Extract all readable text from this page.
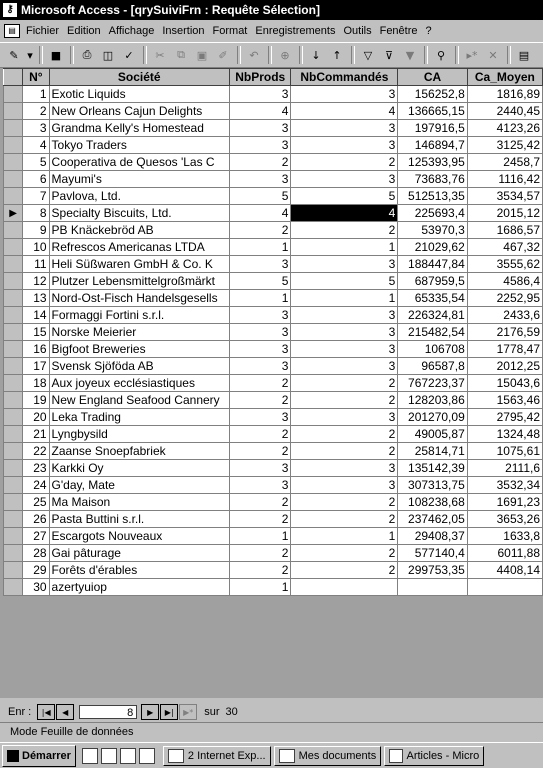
⚷ Microsoft Access - [qrySuiviFrn : Requête Sélection]
▤ Fichier Edition Affichage Insertion Format Enregistrements Outils Fenêtre ?
✎ ▾	■	⎙	◫	✓	✂	⧉	▣	✐	↶	⊕	↓	↑	▽	⊽	▼	⚲	▸* ✕	▤
	N°	Société	NbProds	NbCommandés	CA	Ca_Moyen
	1	Exotic Liquids	3	3	156252,8	1816,89
	2	New Orleans Cajun Delights	4	4	136665,15	2440,45
	3	Grandma Kelly's Homestead	3	3	197916,5	4123,26
	4	Tokyo Traders	3	3	146894,7	3125,42
	5	Cooperativa de Quesos 'Las C	2	2	125393,95	2458,7
	6	Mayumi's	3	3	73683,76	1116,42
	7	Pavlova, Ltd.	5	5	512513,35	3534,57
▶	8	Specialty Biscuits, Ltd.	4	4	225693,4	2015,12
	9	PB Knäckebröd AB	2	2	53970,3	1686,57
	10	Refrescos Americanas LTDA	1	1	21029,62	467,32
	11	Heli Süßwaren GmbH & Co. K	3	3	188447,84	3555,62
	12	Plutzer Lebensmittelgroßmärkt	5	5	687959,5	4586,4
	13	Nord-Ost-Fisch Handelsgesells	1	1	65335,54	2252,95
	14	Formaggi Fortini s.r.l.	3	3	226324,81	2433,6
	15	Norske Meierier	3	3	215482,54	2176,59
	16	Bigfoot Breweries	3	3	106708	1778,47
	17	Svensk Sjöföda AB	3	3	96587,8	2012,25
	18	Aux joyeux ecclésiastiques	2	2	767223,37	15043,6
	19	New England Seafood Cannery	2	2	128203,86	1563,46
	20	Leka Trading	3	3	201270,09	2795,42
	21	Lyngbysild	2	2	49005,87	1324,48
	22	Zaanse Snoepfabriek	2	2	25814,71	1075,61
	23	Karkki Oy	3	3	135142,39	2111,6
	24	G'day, Mate	3	3	307313,75	3532,34
	25	Ma Maison	2	2	108238,68	1691,23
	26	Pasta Buttini s.r.l.	2	2	237462,05	3653,26
	27	Escargots Nouveaux	1	1	29408,37	1633,8
	28	Gai pâturage	2	2	577140,4	6011,88
	29	Forêts d'érables	2	2	299753,35	4408,14
	30	azertyuiop	1			
Enr :	|◀	◀	8	▶	▶|	▶* sur 30
Mode Feuille de données
Démarrer	2 Internet Exp...	Mes documents	Articles - Micro
